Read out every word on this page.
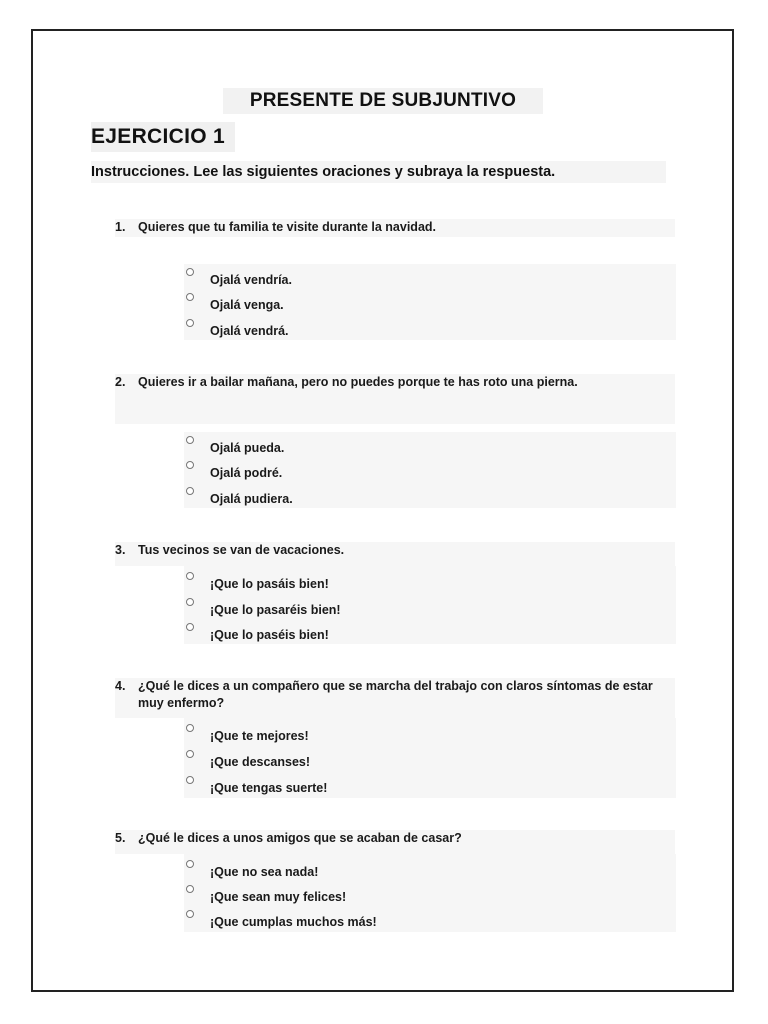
PRESENTE DE SUBJUNTIVO
EJERCICIO 1
Instrucciones. Lee las siguientes oraciones y subraya la respuesta.
1. Quieres que tu familia te visite durante la navidad.
Ojalá vendría.
Ojalá venga.
Ojalá vendrá.
2. Quieres ir a bailar mañana, pero no puedes porque te has roto una pierna.
Ojalá pueda.
Ojalá podré.
Ojalá pudiera.
3. Tus vecinos se van de vacaciones.
¡Que lo pasáis bien!
¡Que lo pasaréis bien!
¡Que lo paséis bien!
4. ¿Qué le dices a un compañero que se marcha del trabajo con claros síntomas de estar muy enfermo?
¡Que te mejores!
¡Que descanses!
¡Que tengas suerte!
5. ¿Qué le dices a unos amigos que se acaban de casar?
¡Que no sea nada!
¡Que sean muy felices!
¡Que cumplas muchos más!
